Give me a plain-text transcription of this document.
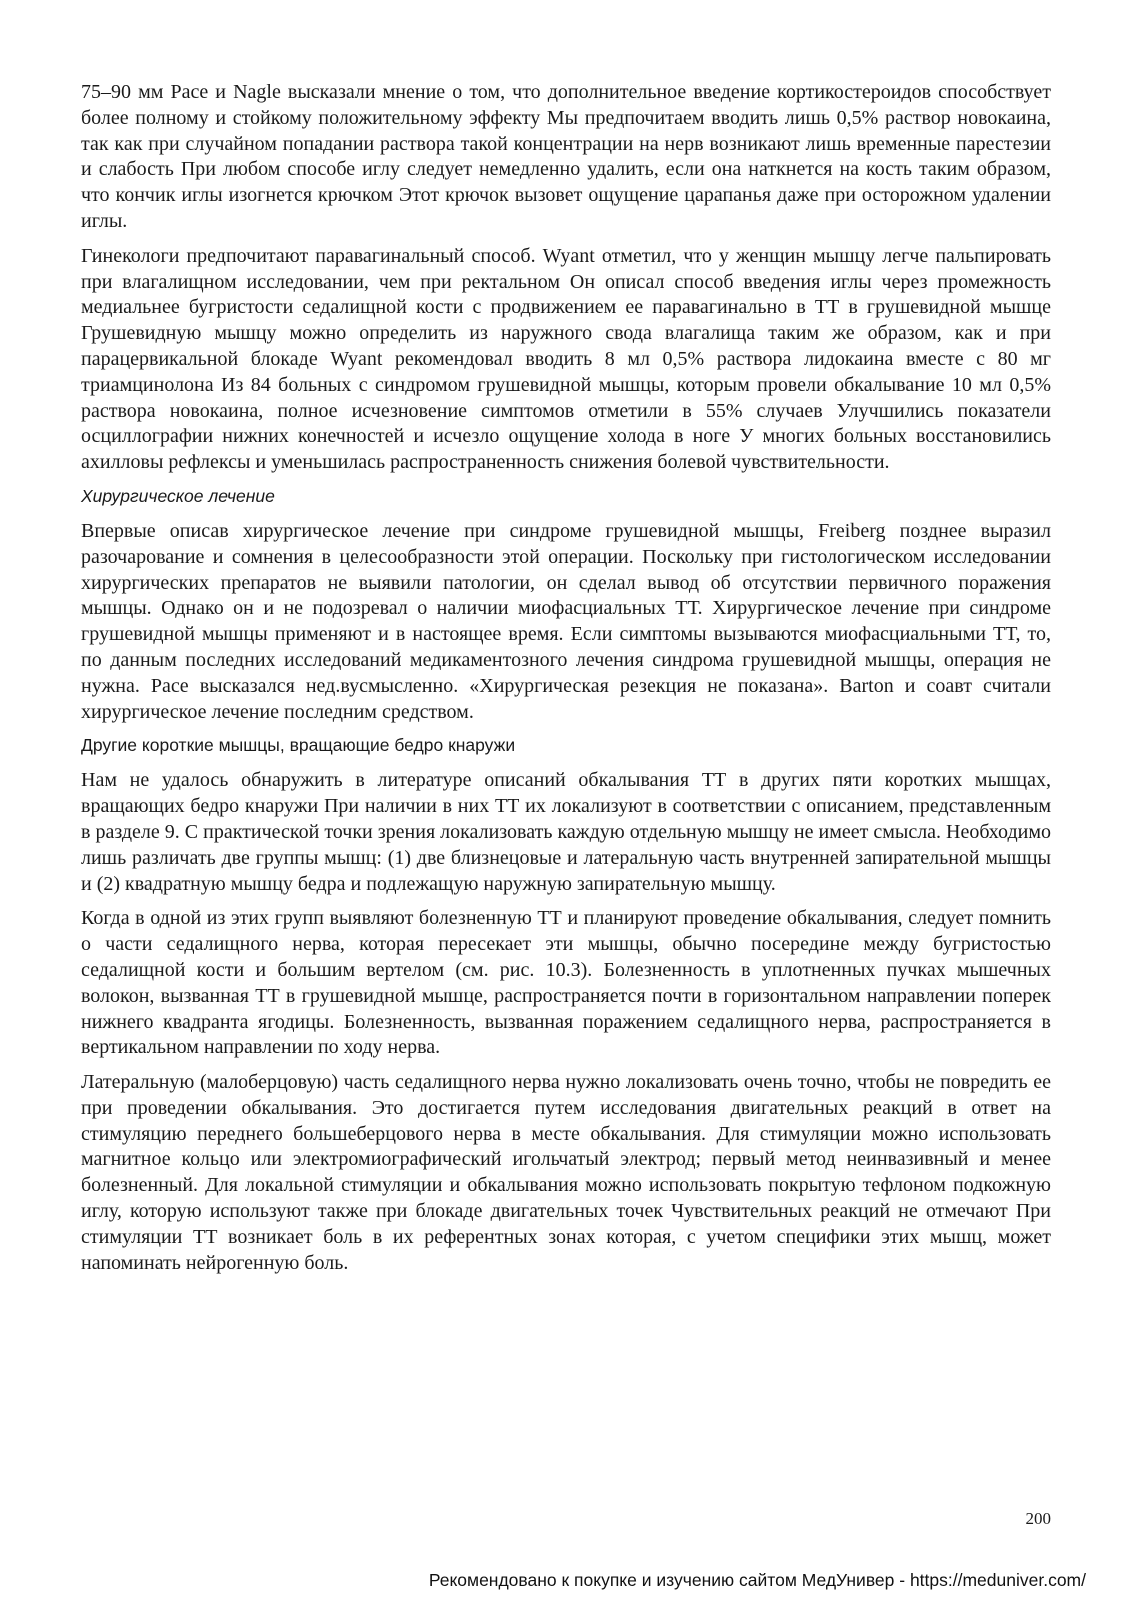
75–90 мм Pace и Nagle высказали мнение о том, что дополнительное введение кортикостероидов способствует более полному и стойкому положительному эффекту Мы предпочитаем вводить лишь 0,5% раствор новокаина, так как при случайном попадании раствора такой концентрации на нерв возникают лишь временные парестезии и слабость При любом способе иглу следует немедленно удалить, если она наткнется на кость таким образом, что кончик иглы изогнется крючком Этот крючок вызовет ощущение царапанья даже при осторожном удалении иглы.

Гинекологи предпочитают паравагинальный способ. Wyant отметил, что у женщин мышцу легче пальпировать при влагалищном исследовании, чем при ректальном Он описал способ введения иглы через промежность медиальнее бугристости седалищной кости с продвижением ее паравагинально в ТТ в грушевидной мышце Грушевидную мышцу можно определить из наружного свода влагалища таким же образом, как и при парацервикальной блокаде Wyant рекомендовал вводить 8 мл 0,5% раствора лидокаина вместе с 80 мг триамцинолона Из 84 больных с синдромом грушевидной мышцы, которым провели обкалывание 10 мл 0,5% раствора новокаина, полное исчезновение симптомов отметили в 55% случаев Улучшились показатели осциллографии нижних конечностей и исчезло ощущение холода в ноге У многих больных восстановились ахилловы рефлексы и уменьшилась распространенность снижения болевой чувствительности.

Хирургическое лечение

Впервые описав хирургическое лечение при синдроме грушевидной мышцы, Freiberg позднее выразил разочарование и сомнения в целесообразности этой операции. Поскольку при гистологическом исследовании хирургических препаратов не выявили патологии, он сделал вывод об отсутствии первичного поражения мышцы. Однако он и не подозревал о наличии миофасциальных ТТ. Хирургическое лечение при синдроме грушевидной мышцы применяют и в настоящее время. Если симптомы вызываются миофасциальными ТТ, то, по данным последних исследований медикаментозного лечения синдрома грушевидной мышцы, операция не нужна. Pace высказался нед.вусмысленно. «Хирургическая резекция не показана». Barton и соавт считали хирургическое лечение последним средством.

Другие короткие мышцы, вращающие бедро кнаружи

Нам не удалось обнаружить в литературе описаний обкалывания ТТ в других пяти коротких мышцах, вращающих бедро кнаружи При наличии в них ТТ их локализуют в соответствии с описанием, представленным в разделе 9. С практической точки зрения локализовать каждую отдельную мышцу не имеет смысла. Необходимо лишь различать две группы мышц: (1) две близнецовые и латеральную часть внутренней запирательной мышцы и (2) квадратную мышцу бедра и подлежащую наружную запирательную мышцу.

Когда в одной из этих групп выявляют болезненную ТТ и планируют проведение обкалывания, следует помнить о части седалищного нерва, которая пересекает эти мышцы, обычно посередине между бугристостью седалищной кости и большим вертелом (см. рис. 10.3). Болезненность в уплотненных пучках мышечных волокон, вызванная ТТ в грушевидной мышце, распространяется почти в горизонтальном направлении поперек нижнего квадранта ягодицы. Болезненность, вызванная поражением седалищного нерва, распространяется в вертикальном направлении по ходу нерва.

Латеральную (малоберцовую) часть седалищного нерва нужно локализовать очень точно, чтобы не повредить ее при проведении обкалывания. Это достигается путем исследования двигательных реакций в ответ на стимуляцию переднего большеберцового нерва в месте обкалывания. Для стимуляции можно использовать магнитное кольцо или электромиографический игольчатый электрод; первый метод неинвазивный и менее болезненный. Для локальной стимуляции и обкалывания можно использовать покрытую тефлоном подкожную иглу, которую используют также при блокаде двигательных точек Чувствительных реакций не отмечают При стимуляции ТТ возникает боль в их референтных зонах которая, с учетом специфики этих мышц, может напоминать нейрогенную боль.

200
Рекомендовано к покупке и изучению сайтом МедУнивер - https://meduniver.com/
